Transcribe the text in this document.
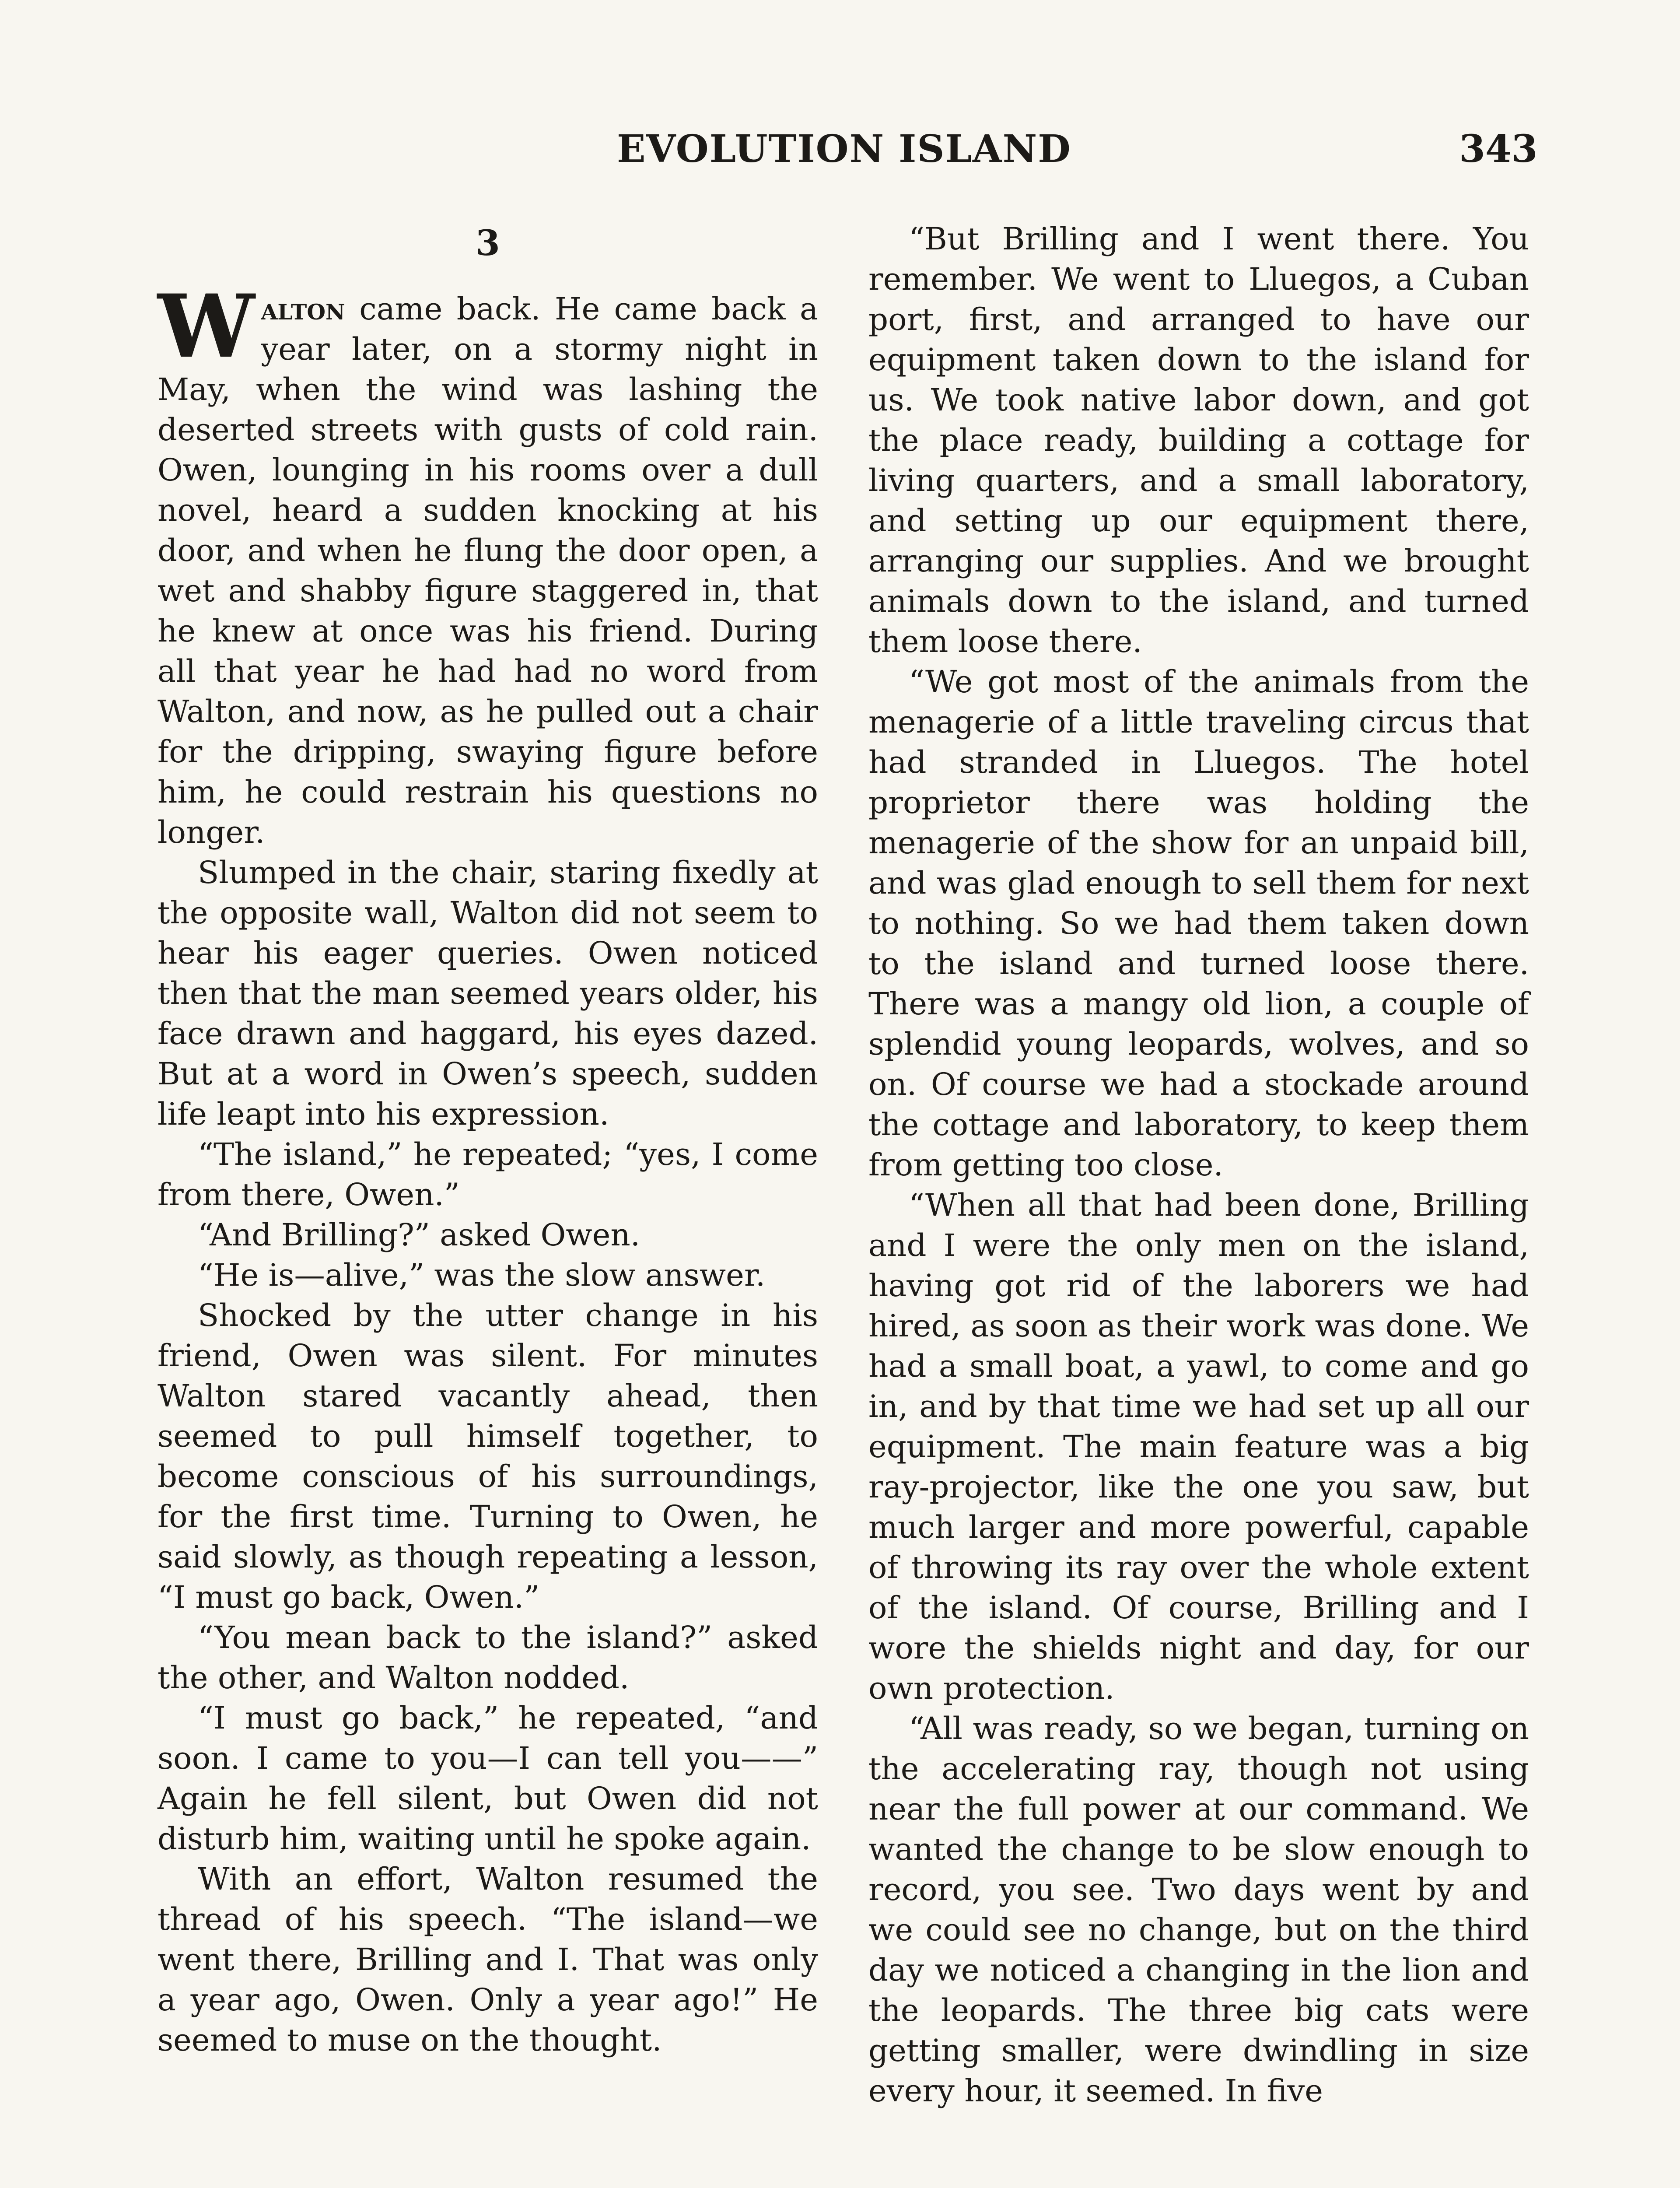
EVOLUTION ISLAND	343
3

Walton came back. He came back a year later, on a stormy night in May, when the wind was lashing the deserted streets with gusts of cold rain. Owen, lounging in his rooms over a dull novel, heard a sudden knocking at his door, and when he flung the door open, a wet and shabby figure staggered in, that he knew at once was his friend. During all that year he had had no word from Walton, and now, as he pulled out a chair for the dripping, swaying figure before him, he could restrain his questions no longer.

Slumped in the chair, staring fixedly at the opposite wall, Walton did not seem to hear his eager queries. Owen noticed then that the man seemed years older, his face drawn and haggard, his eyes dazed. But at a word in Owen’s speech, sudden life leapt into his expression.

“The island,” he repeated; “yes, I come from there, Owen.”

“And Brilling?” asked Owen.

“He is—alive,” was the slow answer.

Shocked by the utter change in his friend, Owen was silent. For minutes Walton stared vacantly ahead, then seemed to pull himself together, to become conscious of his surroundings, for the first time. Turning to Owen, he said slowly, as though repeating a lesson, “I must go back, Owen.”

“You mean back to the island?” asked the other, and Walton nodded.

“I must go back,” he repeated, “and soon. I came to you—I can tell you——” Again he fell silent, but Owen did not disturb him, waiting until he spoke again.

With an effort, Walton resumed the thread of his speech. “The island—we went there, Brilling and I. That was only a year ago, Owen. Only a year ago!” He seemed to muse on the thought.

“But Brilling and I went there. You remember. We went to Lluegos, a Cuban port, first, and arranged to have our equipment taken down to the island for us. We took native labor down, and got the place ready, building a cottage for living quarters, and a small laboratory, and setting up our equipment there, arranging our supplies. And we brought animals down to the island, and turned them loose there.

“We got most of the animals from the menagerie of a little traveling circus that had stranded in Lluegos. The hotel proprietor there was holding the menagerie of the show for an unpaid bill, and was glad enough to sell them for next to nothing. So we had them taken down to the island and turned loose there. There was a mangy old lion, a couple of splendid young leopards, wolves, and so on. Of course we had a stockade around the cottage and laboratory, to keep them from getting too close.

“When all that had been done, Brilling and I were the only men on the island, having got rid of the laborers we had hired, as soon as their work was done. We had a small boat, a yawl, to come and go in, and by that time we had set up all our equipment. The main feature was a big ray-projector, like the one you saw, but much larger and more powerful, capable of throwing its ray over the whole extent of the island. Of course, Brilling and I wore the shields night and day, for our own protection.

“All was ready, so we began, turning on the accelerating ray, though not using near the full power at our command. We wanted the change to be slow enough to record, you see. Two days went by and we could see no change, but on the third day we noticed a changing in the lion and the leopards. The three big cats were getting smaller, were dwindling in size every hour, it seemed. In five
